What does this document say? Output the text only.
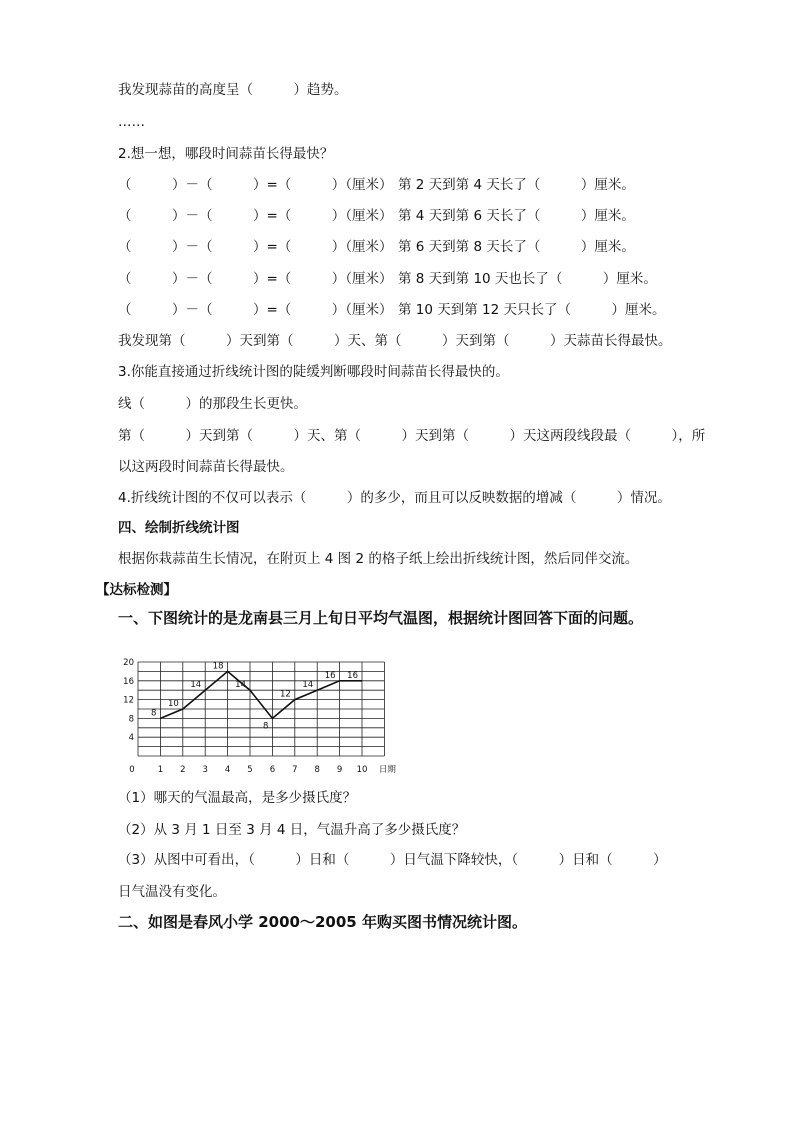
我发现蒜苗的高度呈（　　　）趋势。
……
2.想一想，哪段时间蒜苗长得最快？
（　　　）－（　　　）=（　　　）（厘米） 第 2 天到第 4 天长了（　　　）厘米。
（　　　）－（　　　）=（　　　）（厘米） 第 4 天到第 6 天长了（　　　）厘米。
（　　　）－（　　　）=（　　　）（厘米） 第 6 天到第 8 天长了（　　　）厘米。
（　　　）－（　　　）=（　　　）（厘米） 第 8 天到第 10 天也长了（　　　）厘米。
（　　　）－（　　　）=（　　　）（厘米） 第 10 天到第 12 天只长了（　　　）厘米。
我发现第（　　　）天到第（　　　）天、第（　　　）天到第（　　　）天蒜苗长得最快。
3.你能直接通过折线统计图的陡缓判断哪段时间蒜苗长得最快的。
线（　　　）的那段生长更快。
第（　　　）天到第（　　　）天、第（　　　）天到第（　　　）天这两段线段最（　　　），所
以这两段时间蒜苗长得最快。
4.折线统计图的不仅可以表示（　　　）的多少，而且可以反映数据的增减（　　　）情况。
四、绘制折线统计图
根据你栽蒜苗生长情况，在附页上 4 图 2 的格子纸上绘出折线统计图，然后同伴交流。
【达标检测】
一、下图统计的是龙南县三月上旬日平均气温图，根据统计图回答下面的问题。
8
10
14
18
14
8
12
14
16 16
4
8
12
16
20
0	1 2 3 4 5 6 7 8 9 10 日期
（1）哪天的气温最高，是多少摄氏度？
（2）从 3 月 1 日至 3 月 4 日，气温升高了多少摄氏度？
（3）从图中可看出，（　　　）日和（　　　）日气温下降较快，（　　　）日和（　　　）
日气温没有变化。
二、如图是春风小学 2000～2005 年购买图书情况统计图。
